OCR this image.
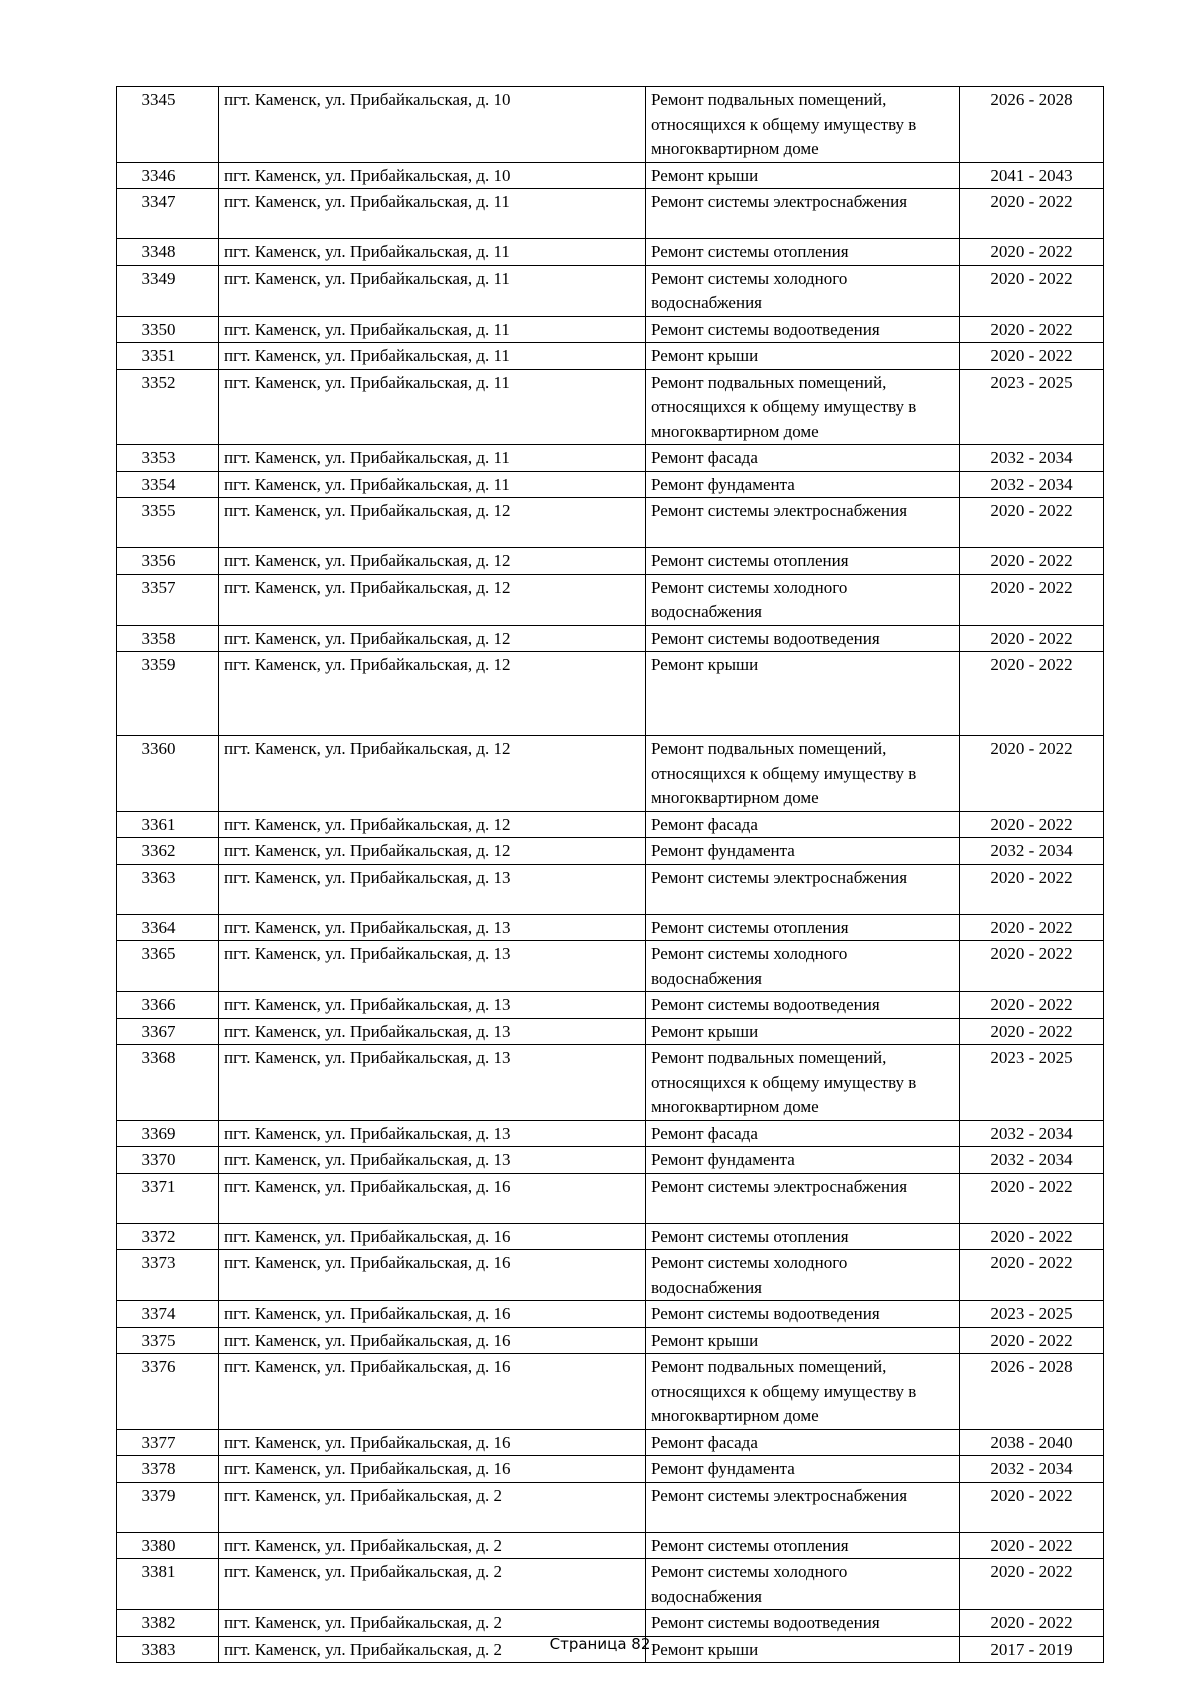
3345	пгт. Каменск, ул. Прибайкальская, д. 10	Ремонт подвальных помещений, относящихся к общему имуществу в многоквартирном доме	2026 - 2028
3346	пгт. Каменск, ул. Прибайкальская, д. 10	Ремонт крыши	2041 - 2043
3347	пгт. Каменск, ул. Прибайкальская, д. 11	Ремонт системы электроснабжения	2020 - 2022
3348	пгт. Каменск, ул. Прибайкальская, д. 11	Ремонт системы отопления	2020 - 2022
3349	пгт. Каменск, ул. Прибайкальская, д. 11	Ремонт системы холодного водоснабжения	2020 - 2022
3350	пгт. Каменск, ул. Прибайкальская, д. 11	Ремонт системы водоотведения	2020 - 2022
3351	пгт. Каменск, ул. Прибайкальская, д. 11	Ремонт крыши	2020 - 2022
3352	пгт. Каменск, ул. Прибайкальская, д. 11	Ремонт подвальных помещений, относящихся к общему имуществу в многоквартирном доме	2023 - 2025
3353	пгт. Каменск, ул. Прибайкальская, д. 11	Ремонт фасада	2032 - 2034
3354	пгт. Каменск, ул. Прибайкальская, д. 11	Ремонт фундамента	2032 - 2034
3355	пгт. Каменск, ул. Прибайкальская, д. 12	Ремонт системы электроснабжения	2020 - 2022
3356	пгт. Каменск, ул. Прибайкальская, д. 12	Ремонт системы отопления	2020 - 2022
3357	пгт. Каменск, ул. Прибайкальская, д. 12	Ремонт системы холодного водоснабжения	2020 - 2022
3358	пгт. Каменск, ул. Прибайкальская, д. 12	Ремонт системы водоотведения	2020 - 2022
3359	пгт. Каменск, ул. Прибайкальская, д. 12	Ремонт крыши	2020 - 2022
3360	пгт. Каменск, ул. Прибайкальская, д. 12	Ремонт подвальных помещений, относящихся к общему имуществу в многоквартирном доме	2020 - 2022
3361	пгт. Каменск, ул. Прибайкальская, д. 12	Ремонт фасада	2020 - 2022
3362	пгт. Каменск, ул. Прибайкальская, д. 12	Ремонт фундамента	2032 - 2034
3363	пгт. Каменск, ул. Прибайкальская, д. 13	Ремонт системы электроснабжения	2020 - 2022
3364	пгт. Каменск, ул. Прибайкальская, д. 13	Ремонт системы отопления	2020 - 2022
3365	пгт. Каменск, ул. Прибайкальская, д. 13	Ремонт системы холодного водоснабжения	2020 - 2022
3366	пгт. Каменск, ул. Прибайкальская, д. 13	Ремонт системы водоотведения	2020 - 2022
3367	пгт. Каменск, ул. Прибайкальская, д. 13	Ремонт крыши	2020 - 2022
3368	пгт. Каменск, ул. Прибайкальская, д. 13	Ремонт подвальных помещений, относящихся к общему имуществу в многоквартирном доме	2023 - 2025
3369	пгт. Каменск, ул. Прибайкальская, д. 13	Ремонт фасада	2032 - 2034
3370	пгт. Каменск, ул. Прибайкальская, д. 13	Ремонт фундамента	2032 - 2034
3371	пгт. Каменск, ул. Прибайкальская, д. 16	Ремонт системы электроснабжения	2020 - 2022
3372	пгт. Каменск, ул. Прибайкальская, д. 16	Ремонт системы отопления	2020 - 2022
3373	пгт. Каменск, ул. Прибайкальская, д. 16	Ремонт системы холодного водоснабжения	2020 - 2022
3374	пгт. Каменск, ул. Прибайкальская, д. 16	Ремонт системы водоотведения	2023 - 2025
3375	пгт. Каменск, ул. Прибайкальская, д. 16	Ремонт крыши	2020 - 2022
3376	пгт. Каменск, ул. Прибайкальская, д. 16	Ремонт подвальных помещений, относящихся к общему имуществу в многоквартирном доме	2026 - 2028
3377	пгт. Каменск, ул. Прибайкальская, д. 16	Ремонт фасада	2038 - 2040
3378	пгт. Каменск, ул. Прибайкальская, д. 16	Ремонт фундамента	2032 - 2034
3379	пгт. Каменск, ул. Прибайкальская, д. 2	Ремонт системы электроснабжения	2020 - 2022
3380	пгт. Каменск, ул. Прибайкальская, д. 2	Ремонт системы отопления	2020 - 2022
3381	пгт. Каменск, ул. Прибайкальская, д. 2	Ремонт системы холодного водоснабжения	2020 - 2022
3382	пгт. Каменск, ул. Прибайкальская, д. 2	Ремонт системы водоотведения	2020 - 2022
3383	пгт. Каменск, ул. Прибайкальская, д. 2	Ремонт крыши	2017 - 2019
Страница 82
